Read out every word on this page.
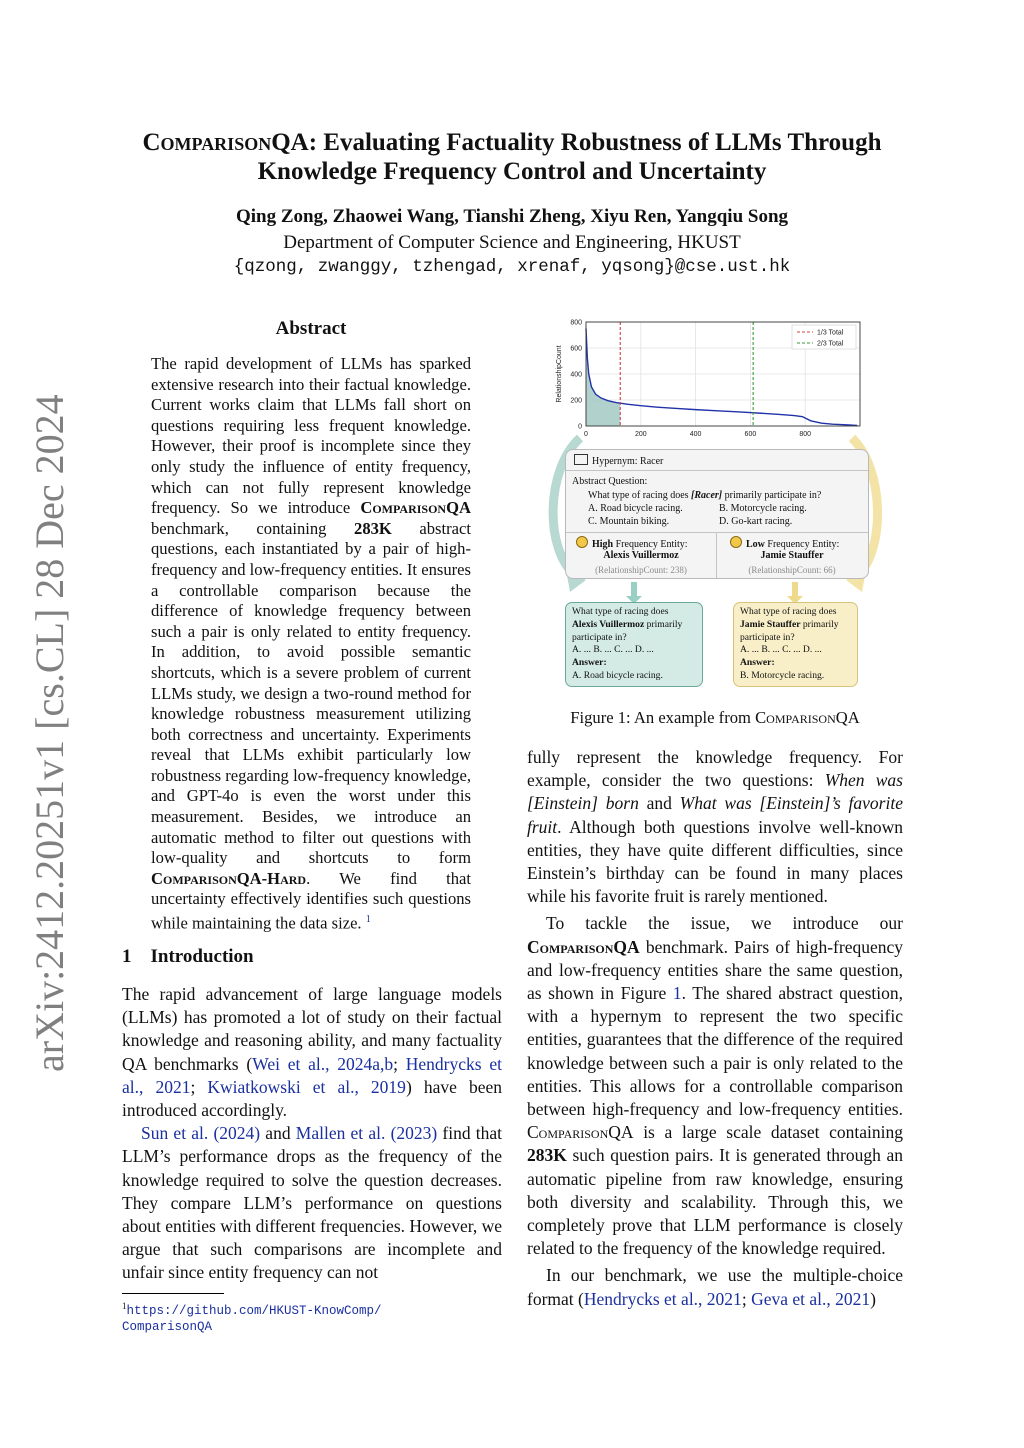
arXiv:2412.20251v1 [cs.CL] 28 Dec 2024
ComparisonQA: Evaluating Factuality Robustness of LLMs Through
Knowledge Frequency Control and Uncertainty
Qing Zong, Zhaowei Wang, Tianshi Zheng, Xiyu Ren, Yangqiu Song
Department of Computer Science and Engineering, HKUST
{qzong, zwanggy, tzhengad, xrenaf, yqsong}@cse.ust.hk
Abstract

The rapid development of LLMs has sparked extensive research into their factual knowledge. Current works claim that LLMs fall short on questions requiring less frequent knowledge. However, their proof is incomplete since they only study the influence of entity frequency, which can not fully represent knowledge frequency. So we introduce ComparisonQA benchmark, containing 283K abstract questions, each instantiated by a pair of high-frequency and low-frequency entities. It ensures a controllable comparison because the difference of knowledge frequency between such a pair is only related to entity frequency. In addition, to avoid possible semantic shortcuts, which is a severe problem of current LLMs study, we design a two-round method for knowledge robustness measurement utilizing both correctness and uncertainty. Experiments reveal that LLMs exhibit particularly low robustness regarding low-frequency knowledge, and GPT-4o is even the worst under this measurement. Besides, we introduce an automatic method to filter out questions with low-quality and shortcuts to form ComparisonQA-Hard. We find that uncertainty effectively identifies such questions while maintaining the data size. $^1$

1 Introduction

The rapid advancement of large language models (LLMs) has promoted a lot of study on their factual knowledge and reasoning ability, and many factuality QA benchmarks (Wei et al., 2024a,b; Hendrycks et al., 2021; Kwiatkowski et al., 2019) have been introduced accordingly.

Sun et al. (2024) and Mallen et al. (2023) find that LLM’s performance drops as the frequency of the knowledge required to solve the question decreases. They compare LLM’s performance on questions about entities with different frequencies. However, we argue that such comparisons are incomplete and unfair since entity frequency can not

$^1$https://github.com/HKUST-KnowComp/
ComparisonQA
0	200	400	600	800
0
200
400
600
800
RelationshipCount
1/3 Total
2/3 Total
Hypernym: Racer
Abstract Question:
What type of racing does [Racer] primarily participate in?
A. Road bicycle racing.	B. Motorcycle racing.
C. Mountain biking.	D. Go-kart racing.
High Frequency Entity:
Alexis Vuillermoz
(RelationshipCount: 238)
Low Frequency Entity:
Jamie Stauffer
(RelationshipCount: 66)
What type of racing does
Alexis Vuillermoz primarily participate in?
A. ... B. ... C. ... D. ...
Answer:
A. Road bicycle racing.
What type of racing does
Jamie Stauffer primarily participate in?
A. ... B. ... C. ... D. ...
Answer:
B. Motorcycle racing.
Figure 1: An example from ComparisonQA

fully represent the knowledge frequency. For example, consider the two questions: When was [Einstein] born and What was [Einstein]’s favorite fruit. Although both questions involve well-known entities, they have quite different difficulties, since Einstein’s birthday can be found in many places while his favorite fruit is rarely mentioned.

To tackle the issue, we introduce our ComparisonQA benchmark. Pairs of high-frequency and low-frequency entities share the same question, as shown in Figure 1. The shared abstract question, with a hypernym to represent the two specific entities, guarantees that the difference of the required knowledge between such a pair is only related to the entities. This allows for a controllable comparison between high-frequency and low-frequency entities. ComparisonQA is a large scale dataset containing 283K such question pairs. It is generated through an automatic pipeline from raw knowledge, ensuring both diversity and scalability. Through this, we completely prove that LLM performance is closely related to the frequency of the knowledge required.

In our benchmark, we use the multiple-choice format (Hendrycks et al., 2021; Geva et al., 2021)
